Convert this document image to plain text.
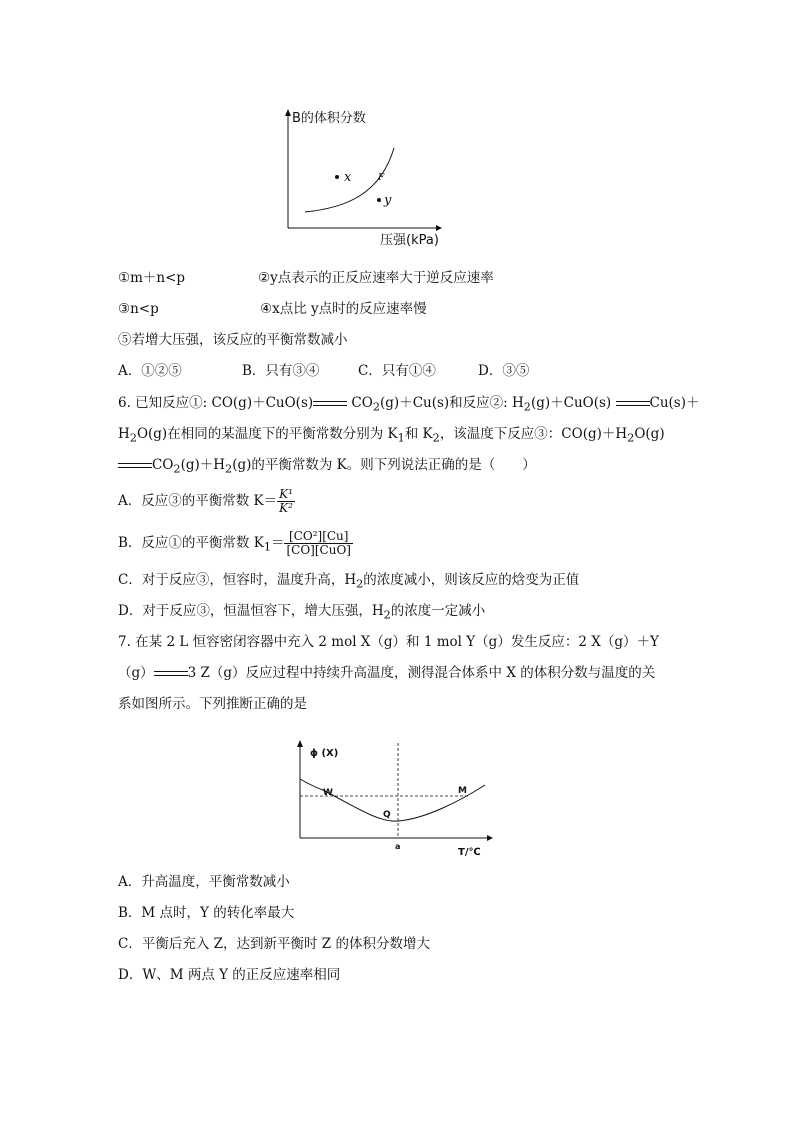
B的体积分数
压强(kPa)
x
y
F
①m＋n<p	②y点表示的正反应速率大于逆反应速率
③n<p	④x点比 y点时的反应速率慢
⑤若增大压强，该反应的平衡常数减小
A．①②⑤	B．只有③④	C．只有①④	D．③⑤
6. 已知反应①: CO(g)＋CuO(s)	$CO_2(g)+Cu(s)$和反应②: $H_2(g)+CuO(s)$	Cu(s)＋
$H_2O(g)$在相同的某温度下的平衡常数分别为 $K_1$和 $K_2$，该温度下反应③：$CO(g)+H_2O(g)$
$CO_2(g)+H_2(g)$的平衡常数为 K。则下列说法正确的是（　　）
A．反应③的平衡常数 $K= \frac{\text{K¹}}{\text{K²}}$
B．反应①的平衡常数 $K_1= \frac{\text{[CO²][Cu]}}{\text{[CO][CuO]}}$
C．对于反应③，恒容时，温度升高，$H_2$的浓度减小，则该反应的焓变为正值
D．对于反应③，恒温恒容下，增大压强，$H_2$的浓度一定减小
7. 在某 2 L 恒容密闭容器中充入 2 mol X（g）和 1 mol Y（g）发生反应：2 X（g）＋Y
（g）	3 Z（g）反应过程中持续升高温度，测得混合体系中 X 的体积分数与温度的关
系如图所示。下列推断正确的是
ϕ (X)
T/℃
a
W
Q
M
A．升高温度，平衡常数减小
B．M 点时，Y 的转化率最大
C．平衡后充入 Z，达到新平衡时 Z 的体积分数增大
D．W、M 两点 Y 的正反应速率相同
